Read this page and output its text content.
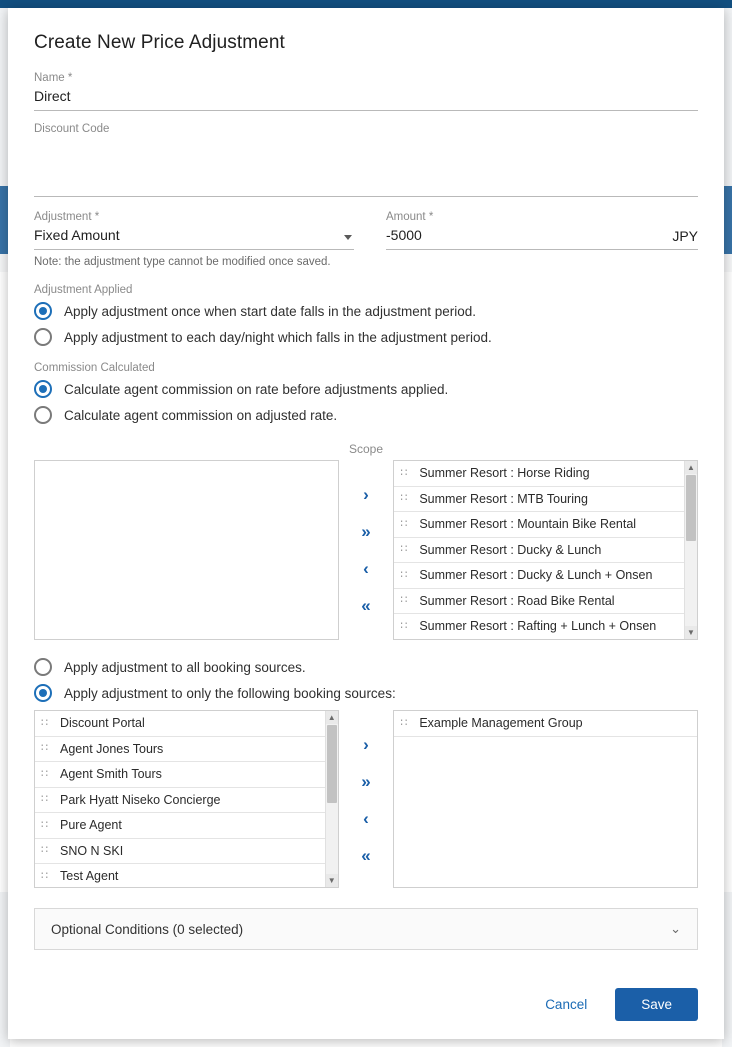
Create New Price Adjustment
Name *
Direct
Discount Code
Adjustment *
Fixed Amount	Amount *
-5000
JPY
Note: the adjustment type cannot be modified once saved.
Adjustment Applied
Apply adjustment once when start date falls in the adjustment period.
Apply adjustment to each day/night which falls in the adjustment period.
Commission Calculated
Calculate agent commission on rate before adjustments applied.
Calculate agent commission on adjusted rate.
Scope
›
»
‹
«
∷	Summer Resort : Horse Riding
∷	Summer Resort : MTB Touring
∷	Summer Resort : Mountain Bike Rental
∷	Summer Resort : Ducky & Lunch
∷	Summer Resort : Ducky & Lunch + Onsen
∷	Summer Resort : Road Bike Rental
∷	Summer Resort : Rafting + Lunch + Onsen
▲
▼
Apply adjustment to all booking sources.
Apply adjustment to only the following booking sources:
∷	Discount Portal
∷	Agent Jones Tours
∷	Agent Smith Tours
∷	Park Hyatt Niseko Concierge
∷	Pure Agent
∷	SNO N SKI
∷	Test Agent
▲
▼
›
»
‹
«
∷	Example Management Group
Optional Conditions (0 selected)	⌄
Cancel	Save
